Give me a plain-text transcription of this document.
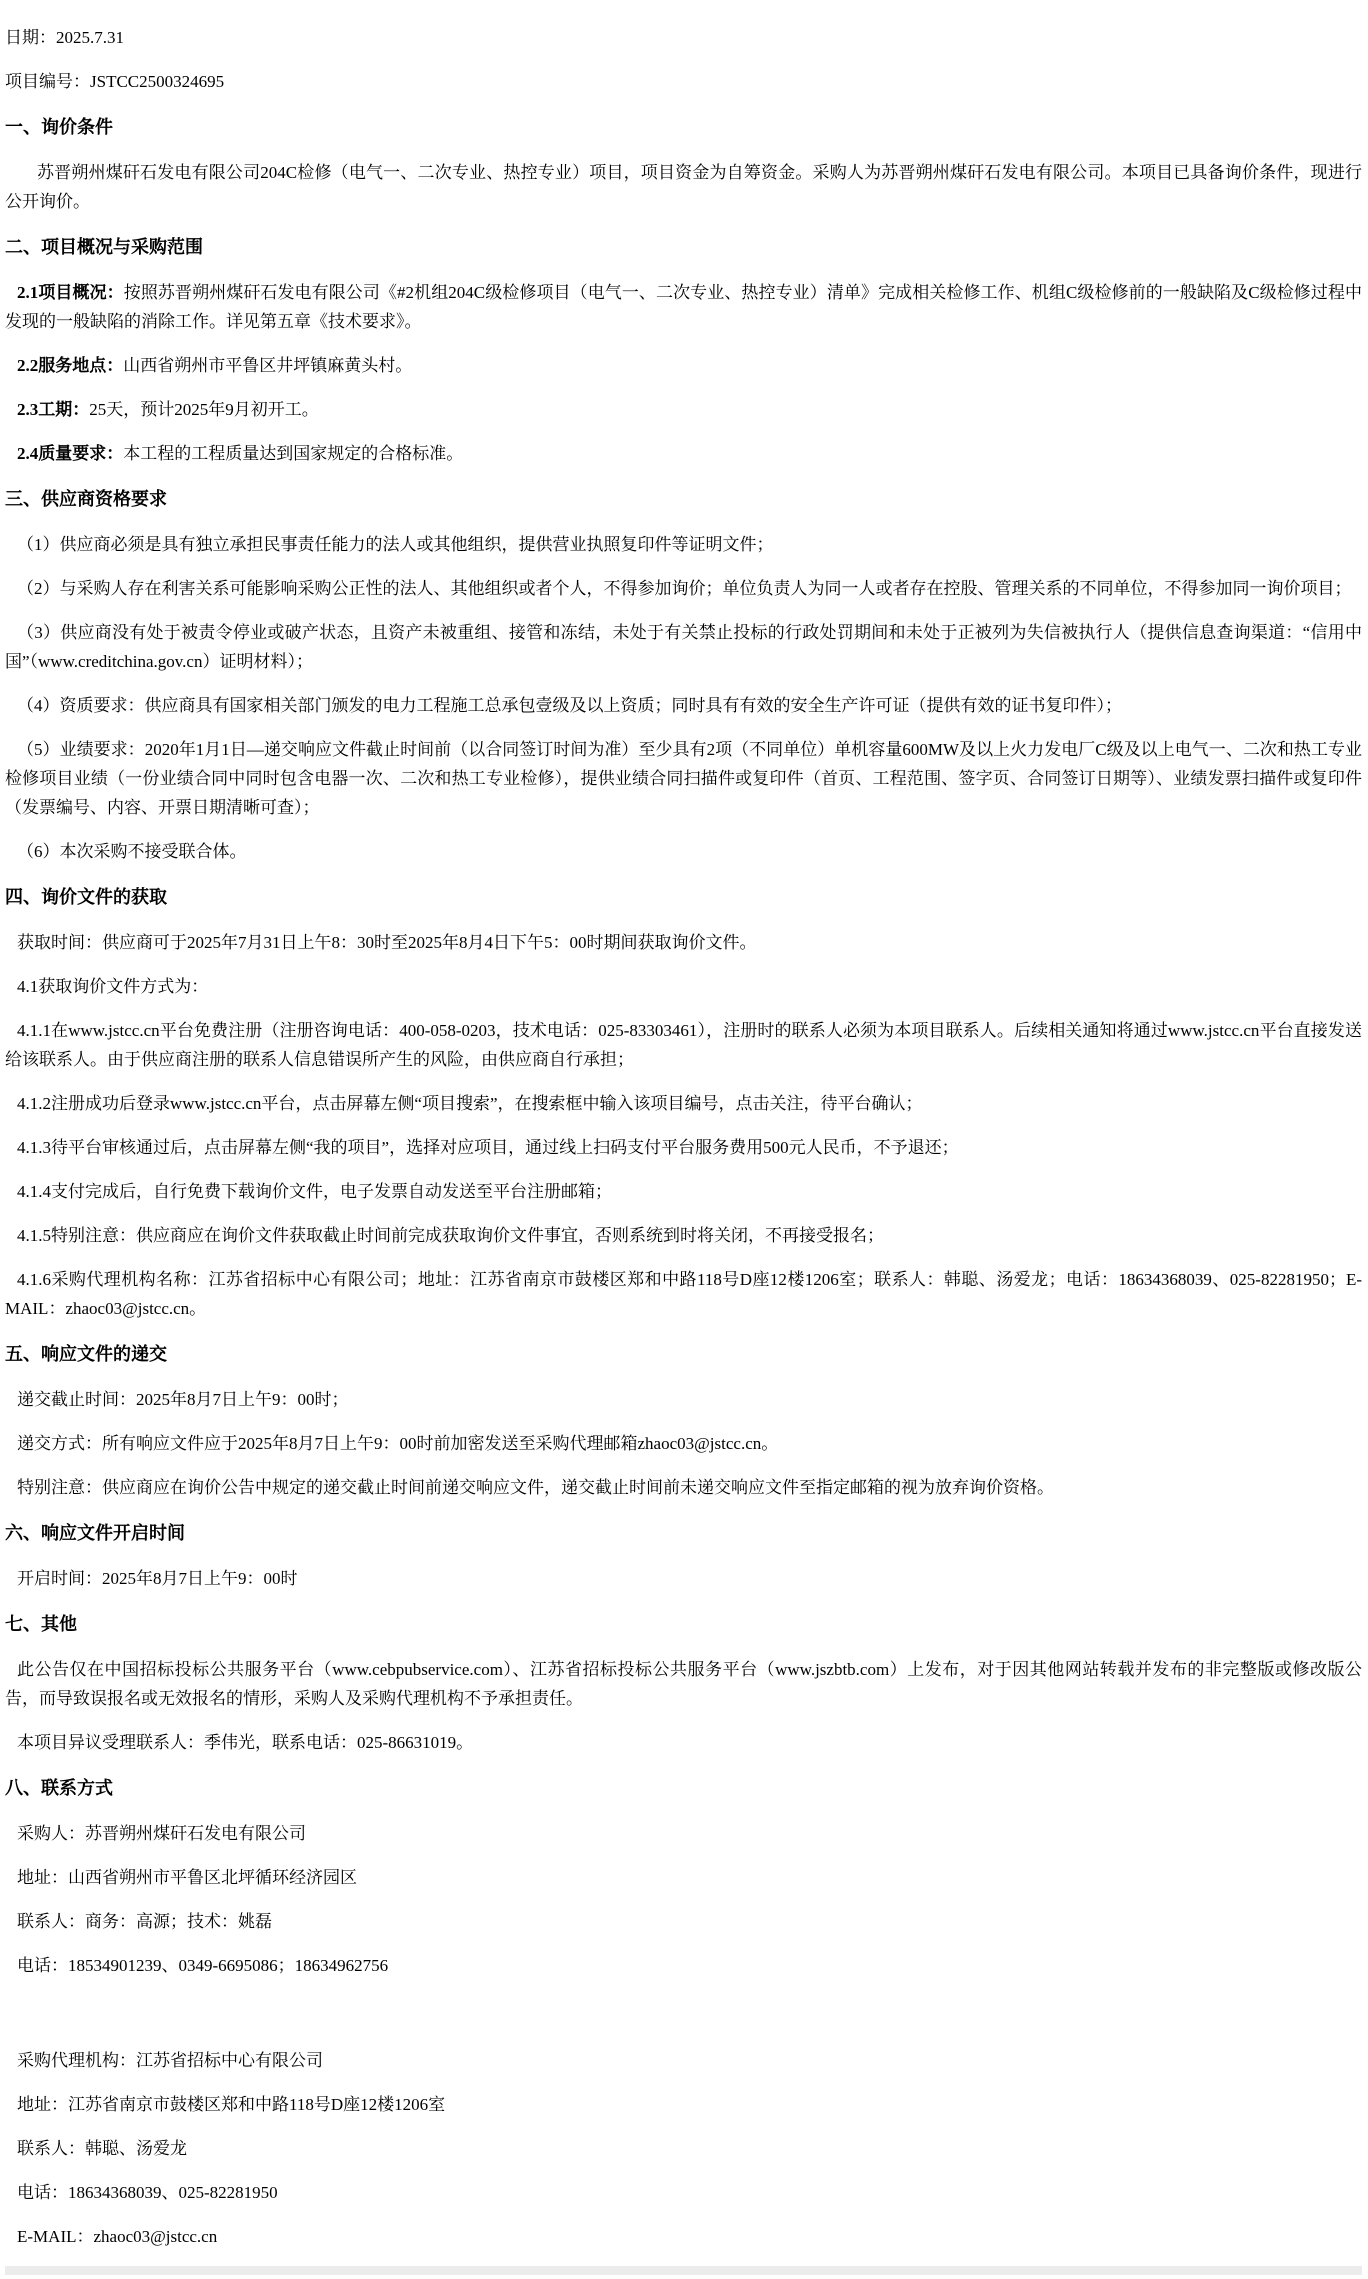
日期：2025.7.31

项目编号：JSTCC2500324695

一、询价条件

苏晋朔州煤矸石发电有限公司204C检修（电气一、二次专业、热控专业）项目，项目资金为自筹资金。采购人为苏晋朔州煤矸石发电有限公司。本项目已具备询价条件，现进行公开询价。

二、项目概况与采购范围

2.1项目概况：按照苏晋朔州煤矸石发电有限公司《#2机组204C级检修项目（电气一、二次专业、热控专业）清单》完成相关检修工作、机组C级检修前的一般缺陷及C级检修过程中发现的一般缺陷的消除工作。详见第五章《技术要求》。

2.2服务地点：山西省朔州市平鲁区井坪镇麻黄头村。

2.3工期：25天，预计2025年9月初开工。

2.4质量要求：本工程的工程质量达到国家规定的合格标准。

三、供应商资格要求

（1）供应商必须是具有独立承担民事责任能力的法人或其他组织，提供营业执照复印件等证明文件；

（2）与采购人存在利害关系可能影响采购公正性的法人、其他组织或者个人，不得参加询价；单位负责人为同一人或者存在控股、管理关系的不同单位，不得参加同一询价项目；

（3）供应商没有处于被责令停业或破产状态，且资产未被重组、接管和冻结，未处于有关禁止投标的行政处罚期间和未处于正被列为失信被执行人（提供信息查询渠道：“信用中国”（www.creditchina.gov.cn）证明材料）；

（4）资质要求：供应商具有国家相关部门颁发的电力工程施工总承包壹级及以上资质；同时具有有效的安全生产许可证（提供有效的证书复印件）；

（5）业绩要求：2020年1月1日—递交响应文件截止时间前（以合同签订时间为准）至少具有2项（不同单位）单机容量600MW及以上火力发电厂C级及以上电气一、二次和热工专业检修项目业绩（一份业绩合同中同时包含电器一次、二次和热工专业检修），提供业绩合同扫描件或复印件（首页、工程范围、签字页、合同签订日期等）、业绩发票扫描件或复印件（发票编号、内容、开票日期清晰可查）；

（6）本次采购不接受联合体。

四、询价文件的获取

获取时间：供应商可于2025年7月31日上午8：30时至2025年8月4日下午5：00时期间获取询价文件。

4.1获取询价文件方式为：

4.1.1在www.jstcc.cn平台免费注册（注册咨询电话：400-058-0203，技术电话：025-83303461），注册时的联系人必须为本项目联系人。后续相关通知将通过www.jstcc.cn平台直接发送给该联系人。由于供应商注册的联系人信息错误所产生的风险，由供应商自行承担；

4.1.2注册成功后登录www.jstcc.cn平台，点击屏幕左侧“项目搜索”，在搜索框中输入该项目编号，点击关注，待平台确认；

4.1.3待平台审核通过后，点击屏幕左侧“我的项目”，选择对应项目，通过线上扫码支付平台服务费用500元人民币，不予退还；

4.1.4支付完成后，自行免费下载询价文件，电子发票自动发送至平台注册邮箱；

4.1.5特别注意：供应商应在询价文件获取截止时间前完成获取询价文件事宜，否则系统到时将关闭，不再接受报名；

4.1.6采购代理机构名称：江苏省招标中心有限公司；地址：江苏省南京市鼓楼区郑和中路118号D座12楼1206室；联系人：韩聪、汤爱龙；电话：18634368039、025-82281950；E-MAIL：zhaoc03@jstcc.cn。

五、响应文件的递交

递交截止时间：2025年8月7日上午9：00时；

递交方式：所有响应文件应于2025年8月7日上午9：00时前加密发送至采购代理邮箱zhaoc03@jstcc.cn。

特别注意：供应商应在询价公告中规定的递交截止时间前递交响应文件，递交截止时间前未递交响应文件至指定邮箱的视为放弃询价资格。

六、响应文件开启时间

开启时间：2025年8月7日上午9：00时

七、其他

此公告仅在中国招标投标公共服务平台（www.cebpubservice.com）、江苏省招标投标公共服务平台（www.jszbtb.com）上发布，对于因其他网站转载并发布的非完整版或修改版公告，而导致误报名或无效报名的情形，采购人及采购代理机构不予承担责任。

本项目异议受理联系人：季伟光，联系电话：025-86631019。

八、联系方式

采购人：苏晋朔州煤矸石发电有限公司

地址：山西省朔州市平鲁区北坪循环经济园区

联系人：商务：高源；技术：姚磊

电话：18534901239、0349-6695086；18634962756

采购代理机构：江苏省招标中心有限公司

地址：江苏省南京市鼓楼区郑和中路118号D座12楼1206室

联系人：韩聪、汤爱龙

电话：18634368039、025-82281950

E-MAIL：zhaoc03@jstcc.cn
